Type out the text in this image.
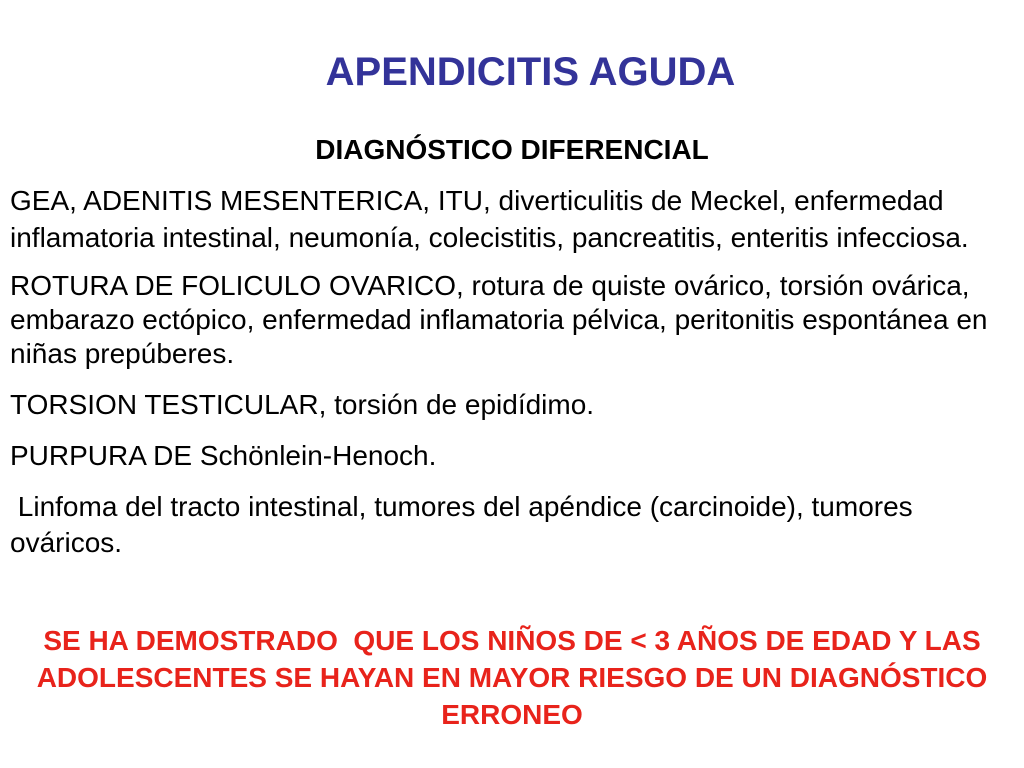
APENDICITIS AGUDA
DIAGNÓSTICO DIFERENCIAL
GEA, ADENITIS MESENTERICA, ITU, diverticulitis de Meckel, enfermedad
inflamatoria intestinal, neumonía, colecistitis, pancreatitis, enteritis infecciosa.
ROTURA DE FOLICULO OVARICO, rotura de quiste ovárico, torsión ovárica,
embarazo ectópico, enfermedad inflamatoria pélvica, peritonitis espontánea en
niñas prepúberes.
TORSION TESTICULAR, torsión de epidídimo.
PURPURA DE Schönlein-Henoch.
Linfoma del tracto intestinal, tumores del apéndice (carcinoide), tumores
ováricos.
SE HA DEMOSTRADO  QUE LOS NIÑOS DE < 3 AÑOS DE EDAD Y LAS
ADOLESCENTES SE HAYAN EN MAYOR RIESGO DE UN DIAGNÓSTICO
ERRONEO
